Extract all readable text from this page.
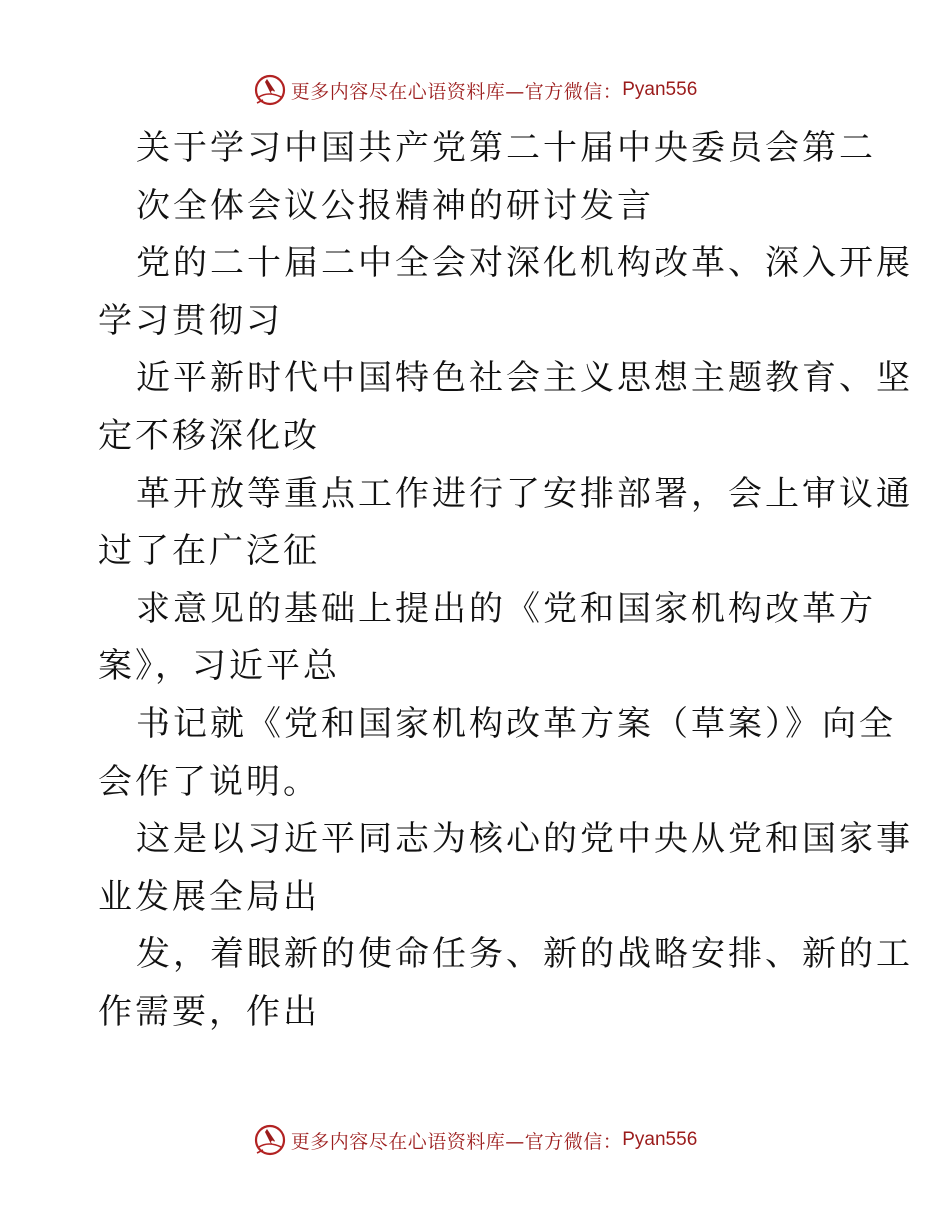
更多内容尽在心语资料库—官方微信： Pyan556
关于学习中国共产党第二十届中央委员会第二
次全体会议公报精神的研讨发言
党的二十届二中全会对深化机构改革、深入开展
学习贯彻习
近平新时代中国特色社会主义思想主题教育、坚
定不移深化改
革开放等重点工作进行了安排部署，会上审议通
过了在广泛征
求意见的基础上提出的《党和国家机构改革方
案》，习近平总
书记就《党和国家机构改革方案（草案）》向全
会作了说明。
这是以习近平同志为核心的党中央从党和国家事
业发展全局出
发，着眼新的使命任务、新的战略安排、新的工
作需要，作出
更多内容尽在心语资料库—官方微信： Pyan556
